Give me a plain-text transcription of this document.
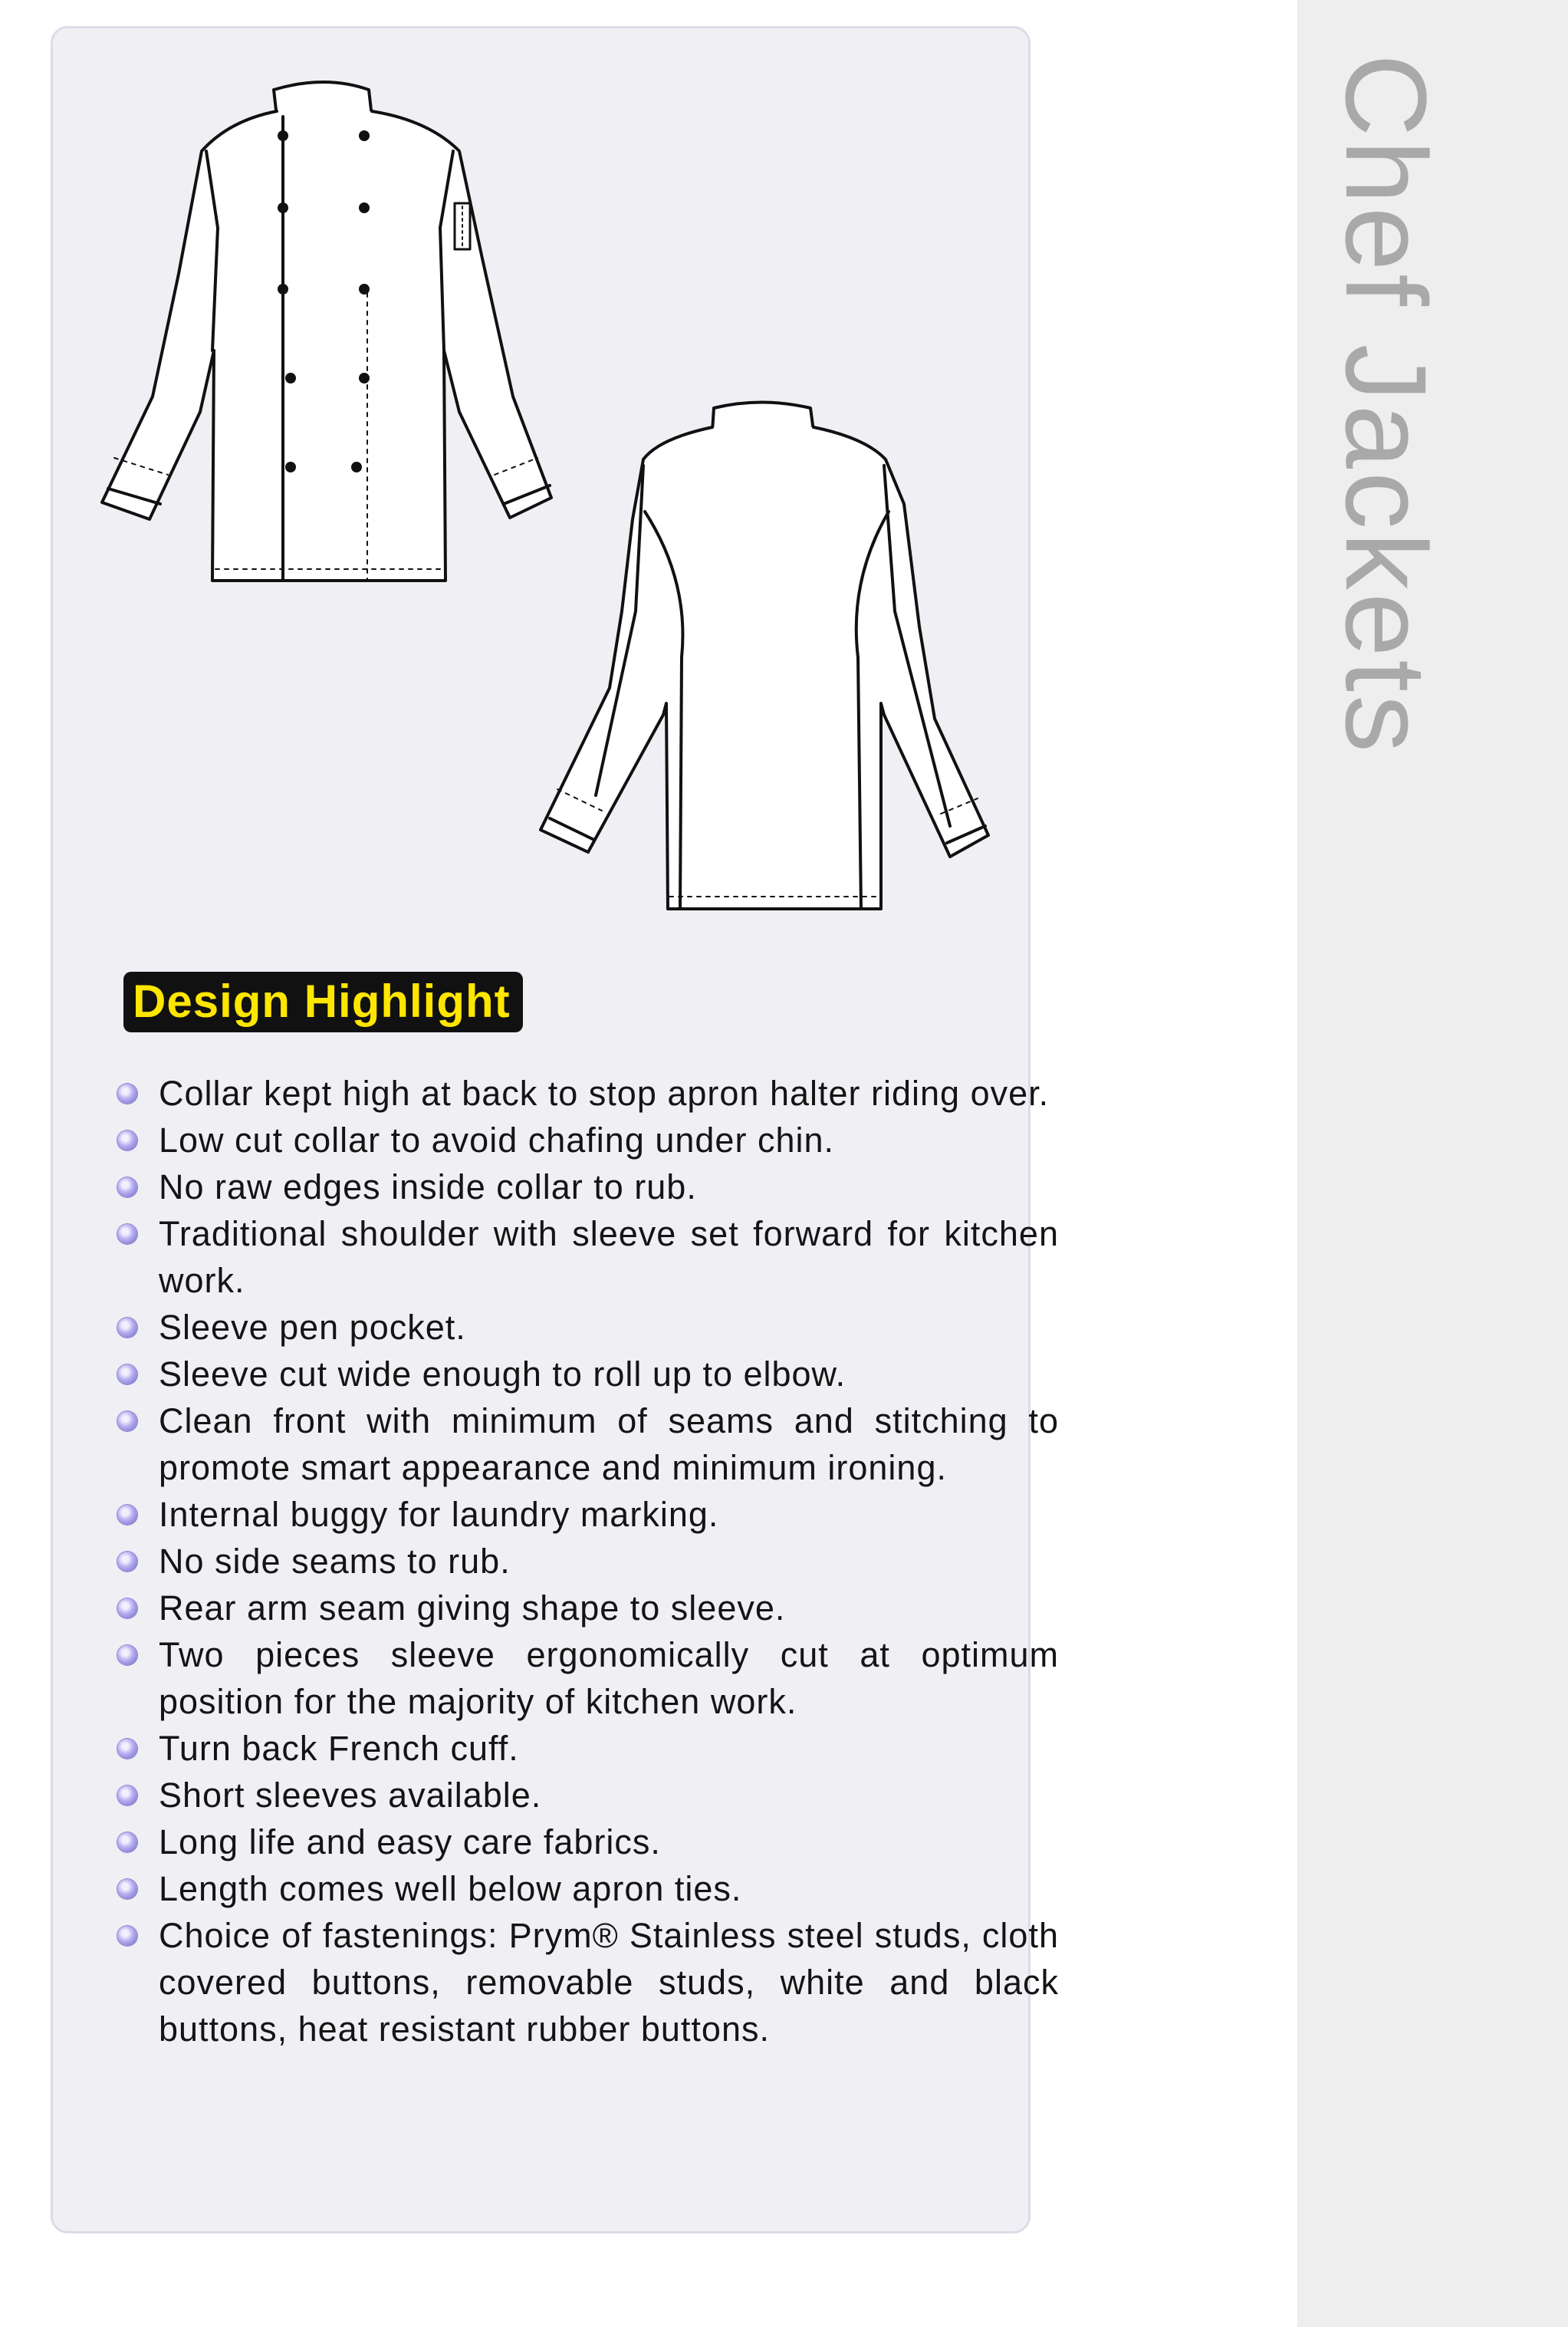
Chef Jackets
Design Highlight
Collar kept high at back to stop apron halter riding over.
Low cut collar to avoid chafing under chin.
No raw edges inside collar to rub.
Traditional shoulder with sleeve set forward for kitchen work.
Sleeve pen pocket.
Sleeve cut wide enough to roll up to elbow.
Clean front with minimum of seams and stitching to promote smart appearance and minimum ironing.
Internal buggy for laundry marking.
No side seams to rub.
Rear arm seam giving shape to sleeve.
Two pieces sleeve ergonomically cut at optimum position for the majority of kitchen work.
Turn back French cuff.
Short sleeves available.
Long life and easy care fabrics.
Length comes well below apron ties.
Choice of fastenings: Prym® Stainless steel studs, cloth covered buttons, removable studs, white and black buttons, heat resistant rubber buttons.
